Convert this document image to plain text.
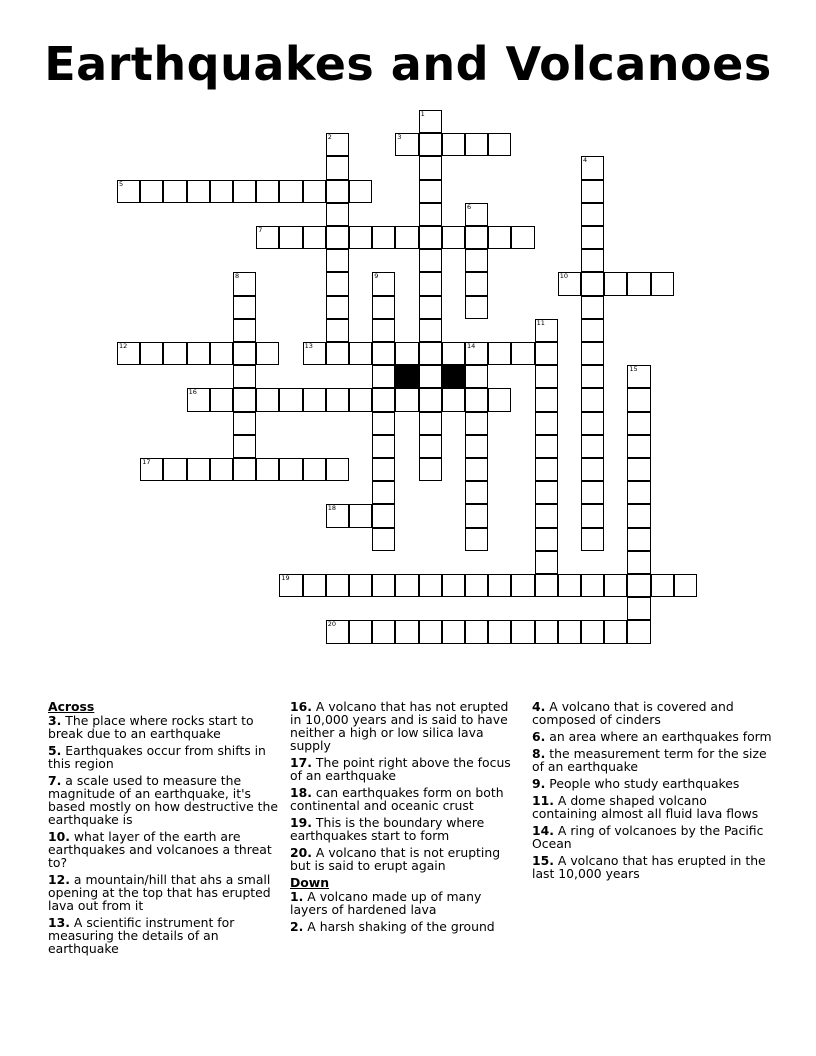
Earthquakes and Volcanoes
3
5
7
10
12	13	14
16
17
18
19
20
1
2
4
6
8	9
11
15
Across
3. The place where rocks start to break due to an earthquake
5. Earthquakes occur from shifts in this region
7. a scale used to measure the magnitude of an earthquake, it's based mostly on how destructive the earthquake is
10. what layer of the earth are earthquakes and volcanoes a threat to?
12. a mountain/hill that ahs a small opening at the top that has erupted lava out from it
13. A scientific instrument for measuring the details of an earthquake
16. A volcano that has not erupted in 10,000 years and is said to have neither a high or low silica lava supply
17. The point right above the focus of an earthquake
18. can earthquakes form on both continental and oceanic crust
19. This is the boundary where earthquakes start to form
20. A volcano that is not erupting but is said to erupt again
Down
1. A volcano made up of many layers of hardened lava
2. A harsh shaking of the ground
4. A volcano that is covered and composed of cinders
6. an area where an earthquakes form
8. the measurement term for the size of an earthquake
9. People who study earthquakes
11. A dome shaped volcano containing almost all fluid lava flows
14. A ring of volcanoes by the Pacific Ocean
15. A volcano that has erupted in the last 10,000 years
